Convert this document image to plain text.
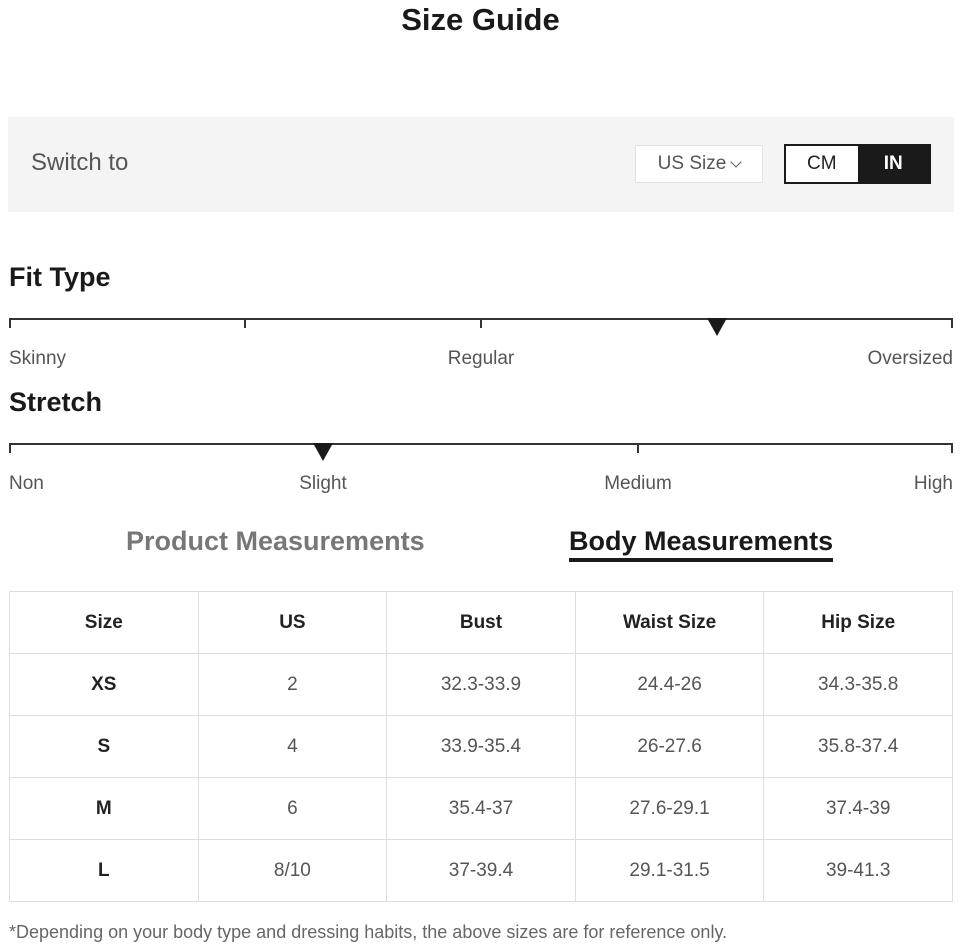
Size Guide
Switch to	US Size	CM	IN
Fit Type
Skinny	Regular	Oversized
Stretch
Non	Slight	Medium	High
Product Measurements	Body Measurements
Size	US	Bust	Waist Size	Hip Size
XS	2	32.3-33.9	24.4-26	34.3-35.8
S	4	33.9-35.4	26-27.6	35.8-37.4
M	6	35.4-37	27.6-29.1	37.4-39
L	8/10	37-39.4	29.1-31.5	39-41.3
*Depending on your body type and dressing habits, the above sizes are for reference only.
